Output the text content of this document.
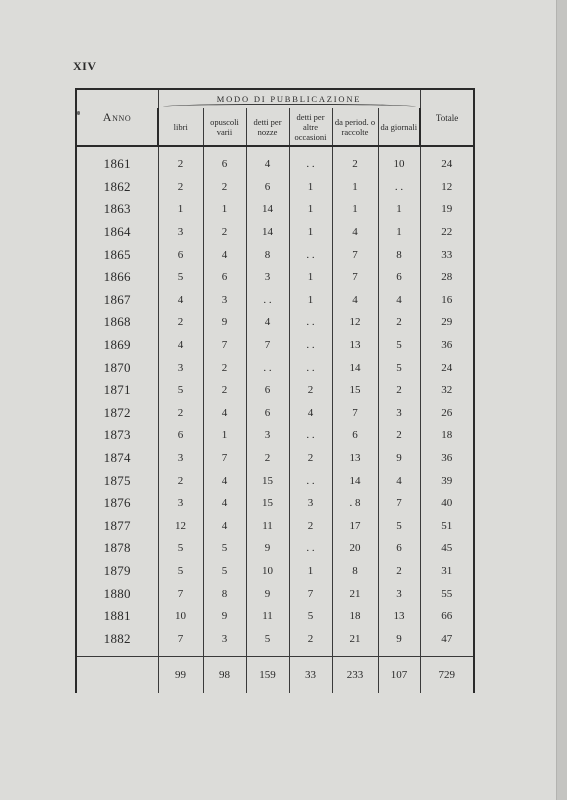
XIV
Anno	MODO DI PUBBLICAZIONE						Totale
	libri	opuscoli varii	detti per nozze	detti per altre occasioni	da period. o raccolte	da giornali	
1861	2	6	4	. .	2	10	24
1862	2	2	6	1	1	. .	12
1863	1	1	14	1	1	1	19
1864	3	2	14	1	4	1	22
1865	6	4	8	. .	7	8	33
1866	5	6	3	1	7	6	28
1867	4	3	. .	1	4	4	16
1868	2	9	4	. .	12	2	29
1869	4	7	7	. .	13	5	36
1870	3	2	. .	. .	14	5	24
1871	5	2	6	2	15	2	32
1872	2	4	6	4	7	3	26
1873	6	1	3	. .	6	2	18
1874	3	7	2	2	13	9	36
1875	2	4	15	. .	14	4	39
1876	3	4	15	3	. 8	7	40
1877	12	4	11	2	17	5	51
1878	5	5	9	. .	20	6	45
1879	5	5	10	1	8	2	31
1880	7	8	9	7	21	3	55
1881	10	9	11	5	18	13	66
1882	7	3	5	2	21	9	47

	99	98	159	33	233	107	729
